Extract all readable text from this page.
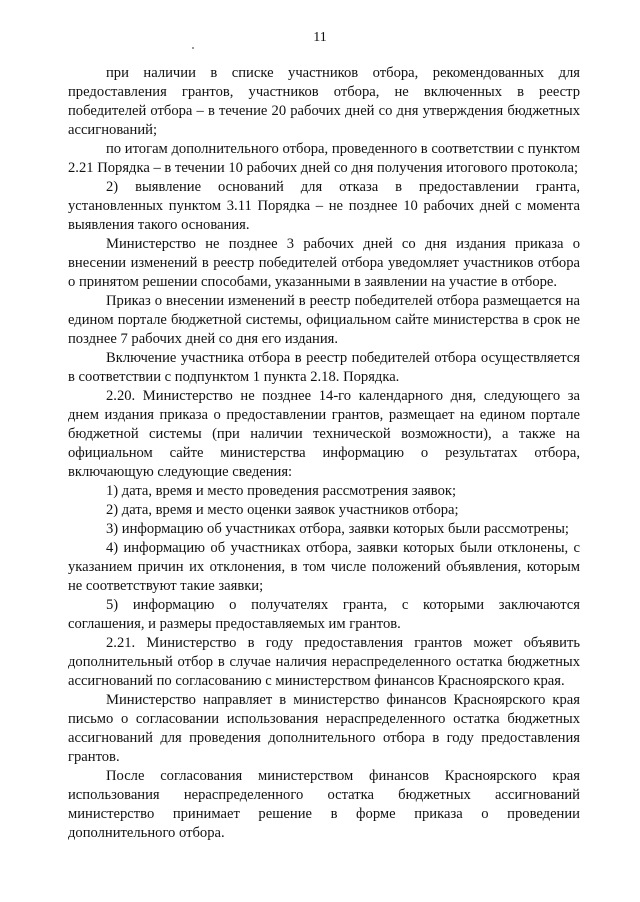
11

при наличии в списке участников отбора, рекомендованных для предоставления грантов, участников отбора, не включенных в реестр победителей отбора – в течение 20 рабочих дней со дня утверждения бюджетных ассигнований;

по итогам дополнительного отбора, проведенного в соответствии с пунктом 2.21 Порядка – в течении 10 рабочих дней со дня получения итогового протокола;

2) выявление оснований для отказа в предоставлении гранта, установленных пунктом 3.11 Порядка – не позднее 10 рабочих дней с момента выявления такого основания.

Министерство не позднее 3 рабочих дней со дня издания приказа о внесении изменений в реестр победителей отбора уведомляет участников отбора о принятом решении способами, указанными в заявлении на участие в отборе.

Приказ о внесении изменений в реестр победителей отбора размещается на едином портале бюджетной системы, официальном сайте министерства в срок не позднее 7 рабочих дней со дня его издания.

Включение участника отбора в реестр победителей отбора осуществляется в соответствии с подпунктом 1 пункта 2.18. Порядка.

2.20. Министерство не позднее 14-го календарного дня, следующего за днем издания приказа о предоставлении грантов, размещает на едином портале бюджетной системы (при наличии технической возможности), а также на официальном сайте министерства информацию о результатах отбора, включающую следующие сведения:

1) дата, время и место проведения рассмотрения заявок;

2) дата, время и место оценки заявок участников отбора;

3) информацию об участниках отбора, заявки которых были рассмотрены;

4) информацию об участниках отбора, заявки которых были отклонены, с указанием причин их отклонения, в том числе положений объявления, которым не соответствуют такие заявки;

5) информацию о получателях гранта, с которыми заключаются соглашения, и размеры предоставляемых им грантов.

2.21. Министерство в году предоставления грантов может объявить дополнительный отбор в случае наличия нераспределенного остатка бюджетных ассигнований по согласованию с министерством финансов Красноярского края.

Министерство направляет в министерство финансов Красноярского края письмо о согласовании использования нераспределенного остатка бюджетных ассигнований для проведения дополнительного отбора в году предоставления грантов.

После согласования министерством финансов Красноярского края использования нераспределенного остатка бюджетных ассигнований министерство принимает решение в форме приказа о проведении дополнительного отбора.
